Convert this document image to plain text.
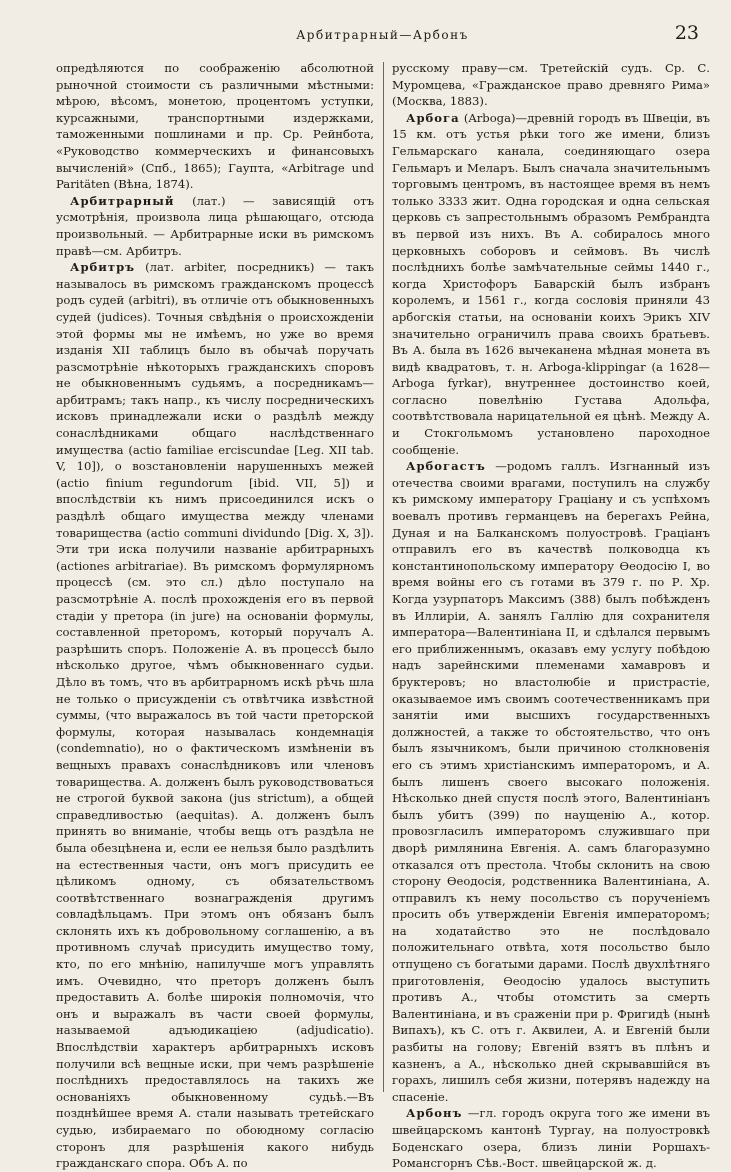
Арбитрарный—Арбонъ	23

опредѣляются по соображенію абсолютной рыночной стоимости съ различными мѣстными: мѣрою, вѣсомъ, монетою, процентомъ уступки, курсажными, транспортными издержками, таможенными пошлинами и пр. Ср. Рейнбота, «Руководство коммерческихъ и финансовыхъ вычисленій» (Спб., 1865); Гаупта, «Arbitrage und Paritäten (Вѣна, 1874).

Арбитрарный (лат.) — зависящій отъ усмотрѣнія, произвола лица рѣшающаго, отсюда произвольный. — Арбитрарные иски въ римскомъ правѣ—см. Арбитръ.

Арбитръ (лат. arbiter, посредникъ) — такъ называлось въ римскомъ гражданскомъ процессѣ родъ судей (arbitri), въ отличіе отъ обыкновенныхъ судей (judices). Точныя свѣдѣнія о происхожденіи этой формы мы не имѣемъ, но уже во время изданія XII таблицъ было въ обычаѣ поручать разсмотрѣніе нѣкоторыхъ гражданскихъ споровъ не обыкновеннымъ судьямъ, а посредникамъ—арбитрамъ; такъ напр., къ числу посредническихъ исковъ принадлежали иски о раздѣлѣ между сонаслѣдниками общаго наслѣдственнаго имущества (actio familiae erciscundae [Leg. XII tab. V, 10]), о возстановленіи нарушенныхъ межей (actio finium regundorum [ibid. VII, 5]) и впослѣдствіи къ нимъ присоединился искъ о раздѣлѣ общаго имущества между членами товарищества (actio communi dividundo [Dig. X, 3]). Эти три иска получили названіе арбитрарныхъ (actiones arbitrariae). Въ римскомъ формулярномъ процессѣ (см. это сл.) дѣло поступало на разсмотрѣніе А. послѣ прохожденія его въ первой стадіи у претора (in jure) на основаніи формулы, составленной преторомъ, который поручалъ А. разрѣшить споръ. Положеніе А. въ процессѣ было нѣсколько другое, чѣмъ обыкновеннаго судьи. Дѣло въ томъ, что въ арбитрарномъ искѣ рѣчь шла не только о присужденіи съ отвѣтчика извѣстной суммы, (что выражалось въ той части преторской формулы, которая называлась кондемнація (condemnatio), но о фактическомъ измѣненіи въ вещныхъ правахъ сонаслѣдниковъ или членовъ товарищества. А. долженъ былъ руководствоваться не строгой буквой закона (jus strictum), а общей справедливостью (aequitas). А. долженъ былъ принять во вниманіе, чтобы вещь отъ раздѣла не была обезцѣнена и, если ее нельзя было раздѣлить на естественныя части, онъ могъ присудить ее цѣликомъ одному, съ обязательствомъ соотвѣтственнаго вознагражденія другимъ совладѣльцамъ. При этомъ онъ обязанъ былъ склонять ихъ къ добровольному соглашенію, а въ противномъ случаѣ присудить имущество тому, кто, по его мнѣнію, напилучше могъ управлять имъ. Очевидно, что преторъ долженъ былъ предоставить А. болѣе широкія полномочія, что онъ и выражалъ въ части своей формулы, называемой адъюдикаціею (adjudicatio). Впослѣдствіи характеръ арбитрарныхъ исковъ получили всѣ вещные иски, при чемъ разрѣшеніе послѣднихъ предоставлялось на такихъ же основаніяхъ обыкновенному судьѣ.—Въ позднѣйшее время А. стали называть третейскаго судью, избираемаго по обоюдному согласію сторонъ для разрѣшенія какого нибудь гражданскаго спора. Объ А. по

русскому праву—см. Третейскій судъ. Ср. С. Муромцева, «Гражданское право древняго Рима» (Москва, 1883).

Арбога (Arboga)—древній городъ въ Швеціи, въ 15 км. отъ устья рѣки того же имени, близъ Гельмарскаго канала, соединяющаго озера Гельмаръ и Меларъ. Былъ сначала значительнымъ торговымъ центромъ, въ настоящее время въ немъ только 3333 жит. Одна городская и одна сельская церковь съ запрестольнымъ образомъ Рембрандта въ первой изъ нихъ. Въ А. собиралось много церковныхъ соборовъ и сеймовъ. Въ числѣ послѣднихъ болѣе замѣчательные сеймы 1440 г., когда Христофоръ Баварскій былъ избранъ королемъ, и 1561 г., когда сословія приняли 43 арбогскія статьи, на основаніи коихъ Эрикъ XIV значительно ограничилъ права своихъ братьевъ. Въ А. была въ 1626 вычеканена мѣдная монета въ видѣ квадратовъ, т. н. Arboga-klippingar (а 1628—Arboga fyrkar), внутреннее достоинство коей, согласно повелѣнію Густава Адольфа, соотвѣтствовала нарицательной ея цѣнѣ. Между А. и Стокгольмомъ установлено пароходное сообщеніе.

Арбогастъ —родомъ галлъ. Изгнанный изъ отечества своими врагами, поступилъ на службу къ римскому императору Граціану и съ успѣхомъ воевалъ противъ германцевъ на берегахъ Рейна, Дуная и на Балканскомъ полуостровѣ. Граціанъ отправилъ его въ качествѣ полководца къ константинопольскому императору Ѳеодосію I, во время войны его съ готами въ 379 г. по Р. Хр. Когда узурпаторъ Максимъ (388) былъ побѣжденъ въ Иллиріи, А. занялъ Галлію для сохранителя императора—Валентиніана II, и сдѣлался первымъ его приближеннымъ, оказавъ ему услугу побѣдою надъ зарейнскими племенами хамавровъ и бруктеровъ; но властолюбіе и пристрастіе, оказываемое имъ своимъ соотечественникамъ при занятіи ими высшихъ государственныхъ должностей, а также то обстоятельство, что онъ былъ язычникомъ, были причиною столкновенія его съ этимъ христіанскимъ императоромъ, и А. былъ лишенъ своего высокаго положенія. Нѣсколько дней спустя послѣ этого, Валентиніанъ былъ убитъ (399) по наущенію А., котор. провозгласилъ императоромъ служившаго при дворѣ римлянина Евгенія. А. самъ благоразумно отказался отъ престола. Чтобы склонить на свою сторону Ѳеодосія, родственника Валентиніана, А. отправилъ къ нему посольство съ порученіемъ просить объ утвержденіи Евгенія императоромъ; на ходатайство это не послѣдовало положительнаго отвѣта, хотя посольство было отпущено съ богатыми дарами. Послѣ двухлѣтняго приготовленія, Ѳеодосію удалось выступить противъ А., чтобы отомстить за смерть Валентиніана, и въ сраженіи при р. Фригидѣ (нынѣ Випахъ), къ С. отъ г. Аквилеи, А. и Евгеній были разбиты на голову; Евгеній взятъ въ плѣнъ и казненъ, а А., нѣсколько дней скрывавшійся въ горахъ, лишилъ себя жизни, потерявъ надежду на спасеніе.

Арбонъ —гл. городъ округа того же имени въ швейцарскомъ кантонѣ Тургау, на полуостровкѣ Боденскаго озера, близъ линіи Роршахъ-Романсгорнъ Сѣв.-Вост. швейцарской ж. д.
